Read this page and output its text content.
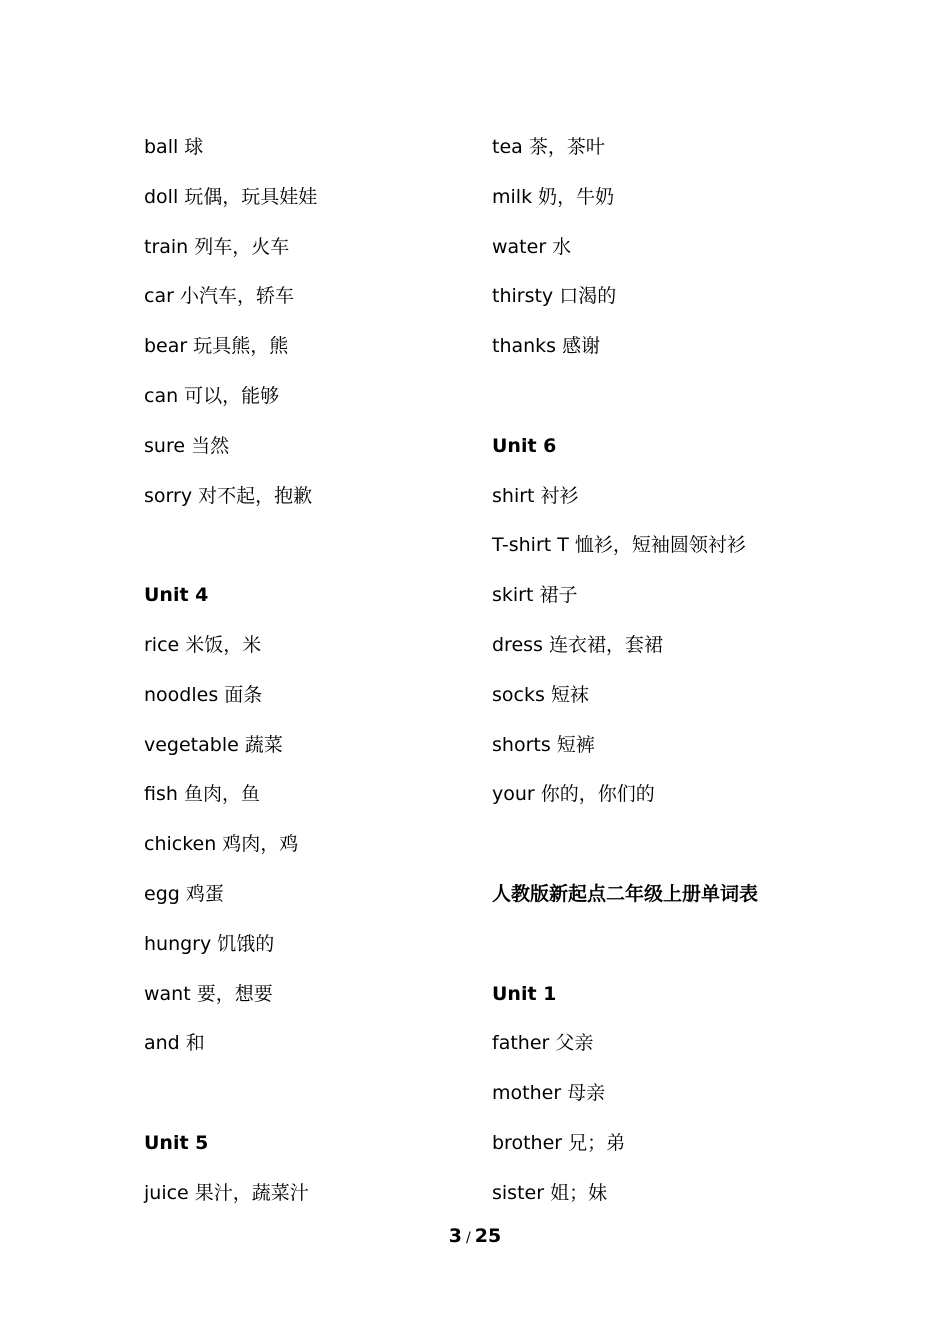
ball 球
doll 玩偶，玩具娃娃
train 列车，火车
car 小汽车，轿车
bear 玩具熊，熊
can 可以，能够
sure 当然
sorry 对不起，抱歉
Unit 4
rice 米饭，米
noodles 面条
vegetable 蔬菜
fish 鱼肉，鱼
chicken 鸡肉，鸡
egg 鸡蛋
hungry 饥饿的
want 要，想要
and 和
Unit 5
juice 果汁，蔬菜汁
tea 茶，茶叶
milk 奶，牛奶
water 水
thirsty 口渴的
thanks 感谢
Unit 6
shirt 衬衫
T-shirt T 恤衫，短袖圆领衬衫
skirt 裙子
dress 连衣裙，套裙
socks 短袜
shorts 短裤
your 你的，你们的
人教版新起点二年级上册单词表
Unit 1
father 父亲
mother 母亲
brother 兄；弟
sister 姐；妹
3 / 25
